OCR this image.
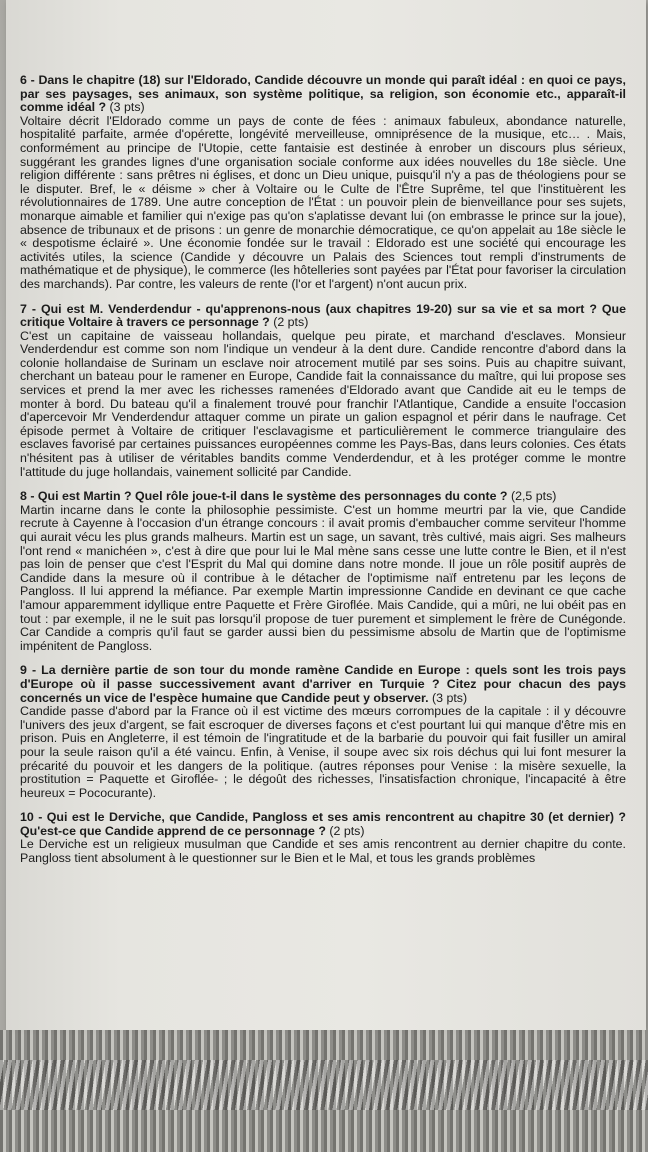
6 - Dans le chapitre (18) sur l'Eldorado, Candide découvre un monde qui paraît idéal : en quoi ce pays, par ses paysages, ses animaux, son système politique, sa religion, son économie etc., apparaît-il comme idéal ? (3 pts)

Voltaire décrit l'Eldorado comme un pays de conte de fées : animaux fabuleux, abondance naturelle, hospitalité parfaite, armée d'opérette, longévité merveilleuse, omniprésence de la musique, etc… . Mais, conformément au principe de l'Utopie, cette fantaisie est destinée à enrober un discours plus sérieux, suggérant les grandes lignes d'une organisation sociale conforme aux idées nouvelles du 18e siècle. Une religion différente : sans prêtres ni églises, et donc un Dieu unique, puisqu'il n'y a pas de théologiens pour se le disputer. Bref, le « déisme » cher à Voltaire ou le Culte de l'Être Suprême, tel que l'instituèrent les révolutionnaires de 1789. Une autre conception de l'État : un pouvoir plein de bienveillance pour ses sujets, monarque aimable et familier qui n'exige pas qu'on s'aplatisse devant lui (on embrasse le prince sur la joue), absence de tribunaux et de prisons : un genre de monarchie démocratique, ce qu'on appelait au 18e siècle le « despotisme éclairé ». Une économie fondée sur le travail : Eldorado est une société qui encourage les activités utiles, la science (Candide y découvre un Palais des Sciences tout rempli d'instruments de mathématique et de physique), le commerce (les hôtelleries sont payées par l'État pour favoriser la circulation des marchands). Par contre, les valeurs de rente (l'or et l'argent) n'ont aucun prix.

7 - Qui est M. Venderdendur - qu'apprenons-nous (aux chapitres 19-20) sur sa vie et sa mort ? Que critique Voltaire à travers ce personnage ? (2 pts)

C'est un capitaine de vaisseau hollandais, quelque peu pirate, et marchand d'esclaves. Monsieur Venderdendur est comme son nom l'indique un vendeur à la dent dure. Candide rencontre d'abord dans la colonie hollandaise de Surinam un esclave noir atrocement mutilé par ses soins. Puis au chapitre suivant, cherchant un bateau pour le ramener en Europe, Candide fait la connaissance du maître, qui lui propose ses services et prend la mer avec les richesses ramenées d'Eldorado avant que Candide ait eu le temps de monter à bord. Du bateau qu'il a finalement trouvé pour franchir l'Atlantique, Candide a ensuite l'occasion d'apercevoir Mr Venderdendur attaquer comme un pirate un galion espagnol et périr dans le naufrage. Cet épisode permet à Voltaire de critiquer l'esclavagisme et particulièrement le commerce triangulaire des esclaves favorisé par certaines puissances européennes comme les Pays-Bas, dans leurs colonies. Ces états n'hésitent pas à utiliser de véritables bandits comme Venderdendur, et à les protéger comme le montre l'attitude du juge hollandais, vainement sollicité par Candide.

8 - Qui est Martin ? Quel rôle joue-t-il dans le système des personnages du conte ? (2,5 pts)

Martin incarne dans le conte la philosophie pessimiste. C'est un homme meurtri par la vie, que Candide recrute à Cayenne à l'occasion d'un étrange concours : il avait promis d'embaucher comme serviteur l'homme qui aurait vécu les plus grands malheurs. Martin est un sage, un savant, très cultivé, mais aigri. Ses malheurs l'ont rend « manichéen », c'est à dire que pour lui le Mal mène sans cesse une lutte contre le Bien, et il n'est pas loin de penser que c'est l'Esprit du Mal qui domine dans notre monde. Il joue un rôle positif auprès de Candide dans la mesure où il contribue à le détacher de l'optimisme naïf entretenu par les leçons de Pangloss. Il lui apprend la méfiance. Par exemple Martin impressionne Candide en devinant ce que cache l'amour apparemment idyllique entre Paquette et Frère Giroflée. Mais Candide, qui a mûri, ne lui obéit pas en tout : par exemple, il ne le suit pas lorsqu'il propose de tuer purement et simplement le frère de Cunégonde. Car Candide a compris qu'il faut se garder aussi bien du pessimisme absolu de Martin que de l'optimisme impénitent de Pangloss.

9 - La dernière partie de son tour du monde ramène Candide en Europe : quels sont les trois pays d'Europe où il passe successivement avant d'arriver en Turquie ? Citez pour chacun des pays concernés un vice de l'espèce humaine que Candide peut y observer. (3 pts)

Candide passe d'abord par la France où il est victime des mœurs corrompues de la capitale : il y découvre l'univers des jeux d'argent, se fait escroquer de diverses façons et c'est pourtant lui qui manque d'être mis en prison. Puis en Angleterre, il est témoin de l'ingratitude et de la barbarie du pouvoir qui fait fusiller un amiral pour la seule raison qu'il a été vaincu. Enfin, à Venise, il soupe avec six rois déchus qui lui font mesurer la précarité du pouvoir et les dangers de la politique. (autres réponses pour Venise : la misère sexuelle, la prostitution = Paquette et Giroflée- ; le dégoût des richesses, l'insatisfaction chronique, l'incapacité à être heureux = Pococurante).

10 - Qui est le Derviche, que Candide, Pangloss et ses amis rencontrent au chapitre 30 (et dernier) ? Qu'est-ce que Candide apprend de ce personnage ? (2 pts)

Le Derviche est un religieux musulman que Candide et ses amis rencontrent au dernier chapitre du conte. Pangloss tient absolument à le questionner sur le Bien et le Mal, et tous les grands problèmes
